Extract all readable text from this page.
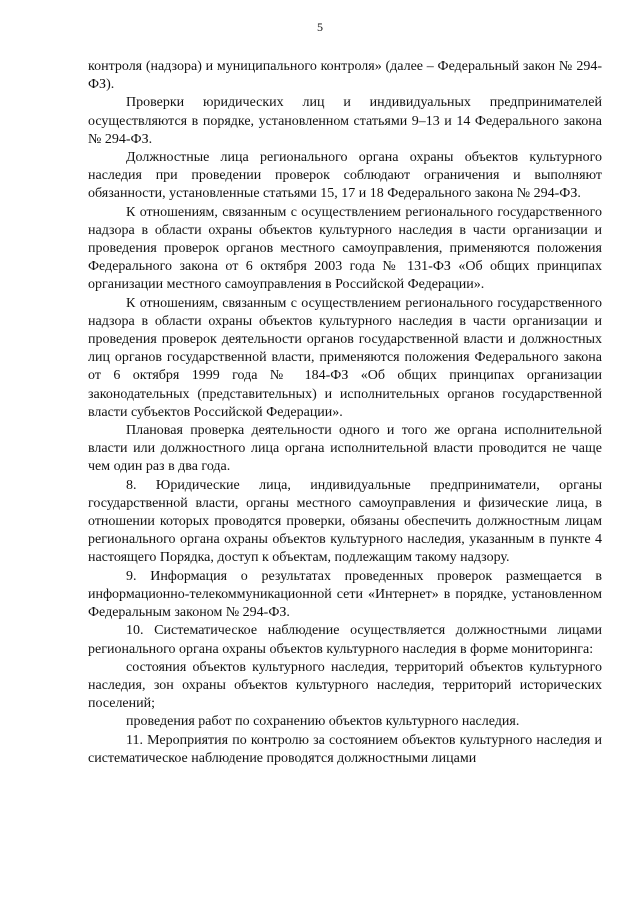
5

контроля (надзора) и муниципального контроля» (далее – Федеральный закон № 294-ФЗ).

Проверки юридических лиц и индивидуальных предпринимателей осуществляются в порядке, установленном статьями 9–13 и 14 Федерального закона № 294-ФЗ.

Должностные лица регионального органа охраны объектов культурного наследия при проведении проверок соблюдают ограничения и выполняют обязанности, установленные статьями 15, 17 и 18 Федерального закона № 294-ФЗ.

К отношениям, связанным с осуществлением регионального государственного надзора в области охраны объектов культурного наследия в части организации и проведения проверок органов местного самоуправления, применяются положения Федерального закона от 6 октября 2003 года № 131-ФЗ «Об общих принципах организации местного самоуправления в Российской Федерации».

К отношениям, связанным с осуществлением регионального государственного надзора в области охраны объектов культурного наследия в части организации и проведения проверок деятельности органов государственной власти и должностных лиц органов государственной власти, применяются положения Федерального закона от 6 октября 1999 года № 184-ФЗ «Об общих принципах организации законодательных (представительных) и исполнительных органов государственной власти субъектов Российской Федерации».

Плановая проверка деятельности одного и того же органа исполнительной власти или должностного лица органа исполнительной власти проводится не чаще чем один раз в два года.

8. Юридические лица, индивидуальные предприниматели, органы государственной власти, органы местного самоуправления и физические лица, в отношении которых проводятся проверки, обязаны обеспечить должностным лицам регионального органа охраны объектов культурного наследия, указанным в пункте 4 настоящего Порядка, доступ к объектам, подлежащим такому надзору.

9. Информация о результатах проведенных проверок размещается в информационно-телекоммуникационной сети «Интернет» в порядке, установленном Федеральным законом № 294-ФЗ.

10. Систематическое наблюдение осуществляется должностными лицами регионального органа охраны объектов культурного наследия в форме мониторинга:

состояния объектов культурного наследия, территорий объектов культурного наследия, зон охраны объектов культурного наследия, территорий исторических поселений;

проведения работ по сохранению объектов культурного наследия.

11. Мероприятия по контролю за состоянием объектов культурного наследия и систематическое наблюдение проводятся должностными лицами
